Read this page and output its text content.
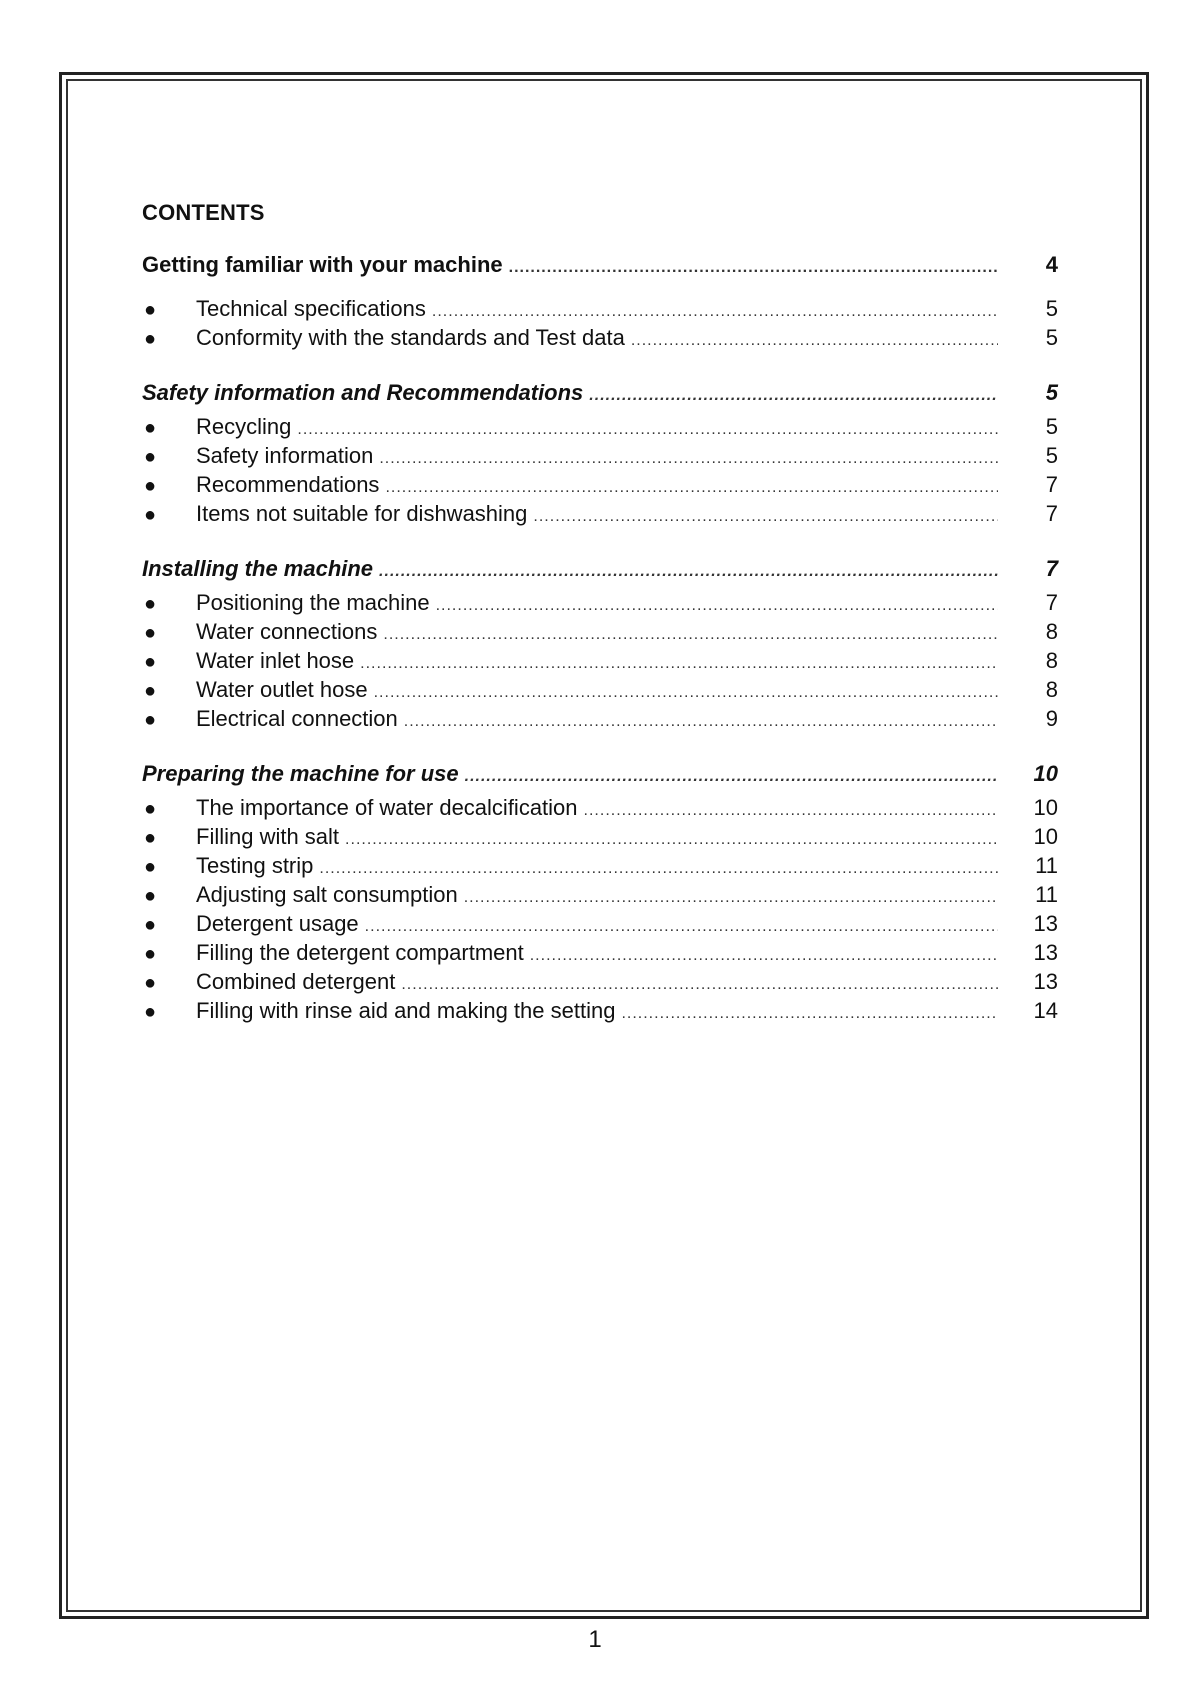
CONTENTS
Getting familiar with your machine .....	4
●	Technical specifications .....	5
●	Conformity with the standards and Test data .....	5
Safety information and Recommendations .....	5
●	Recycling .....	5
●	Safety information .....	5
●	Recommendations .....	7
●	Items not suitable for dishwashing .....	7
Installing the machine .....	7
●	Positioning the machine .....	7
●	Water connections .....	8
●	Water inlet hose .....	8
●	Water outlet hose .....	8
●	Electrical connection .....	9
Preparing the machine for use .....	10
●	The importance of water decalcification .....	10
●	Filling with salt .....	10
●	Testing strip .....	11
●	Adjusting salt consumption .....	11
●	Detergent usage .....	13
●	Filling the detergent compartment .....	13
●	Combined detergent .....	13
●	Filling with rinse aid and making the setting .....	14
1
